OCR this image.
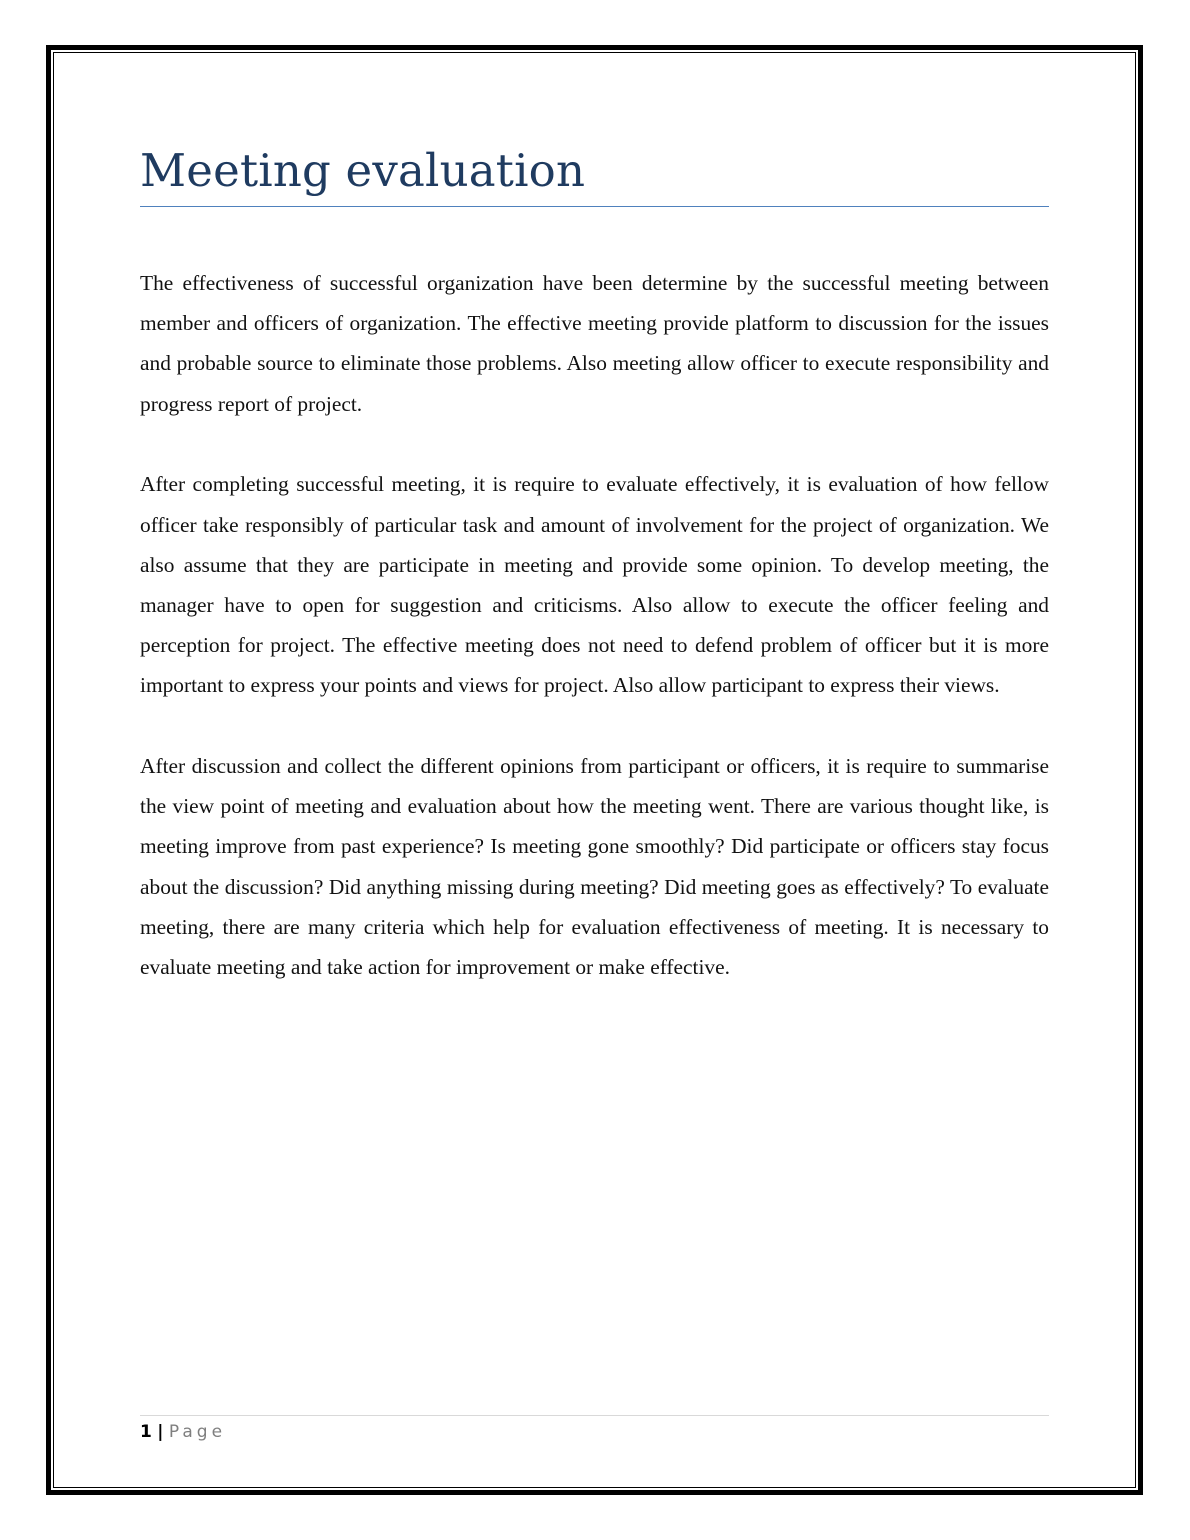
Meeting evaluation

The effectiveness of successful organization have been determine by the successful meeting between member and officers of organization. The effective meeting provide platform to discussion for the issues and probable source to eliminate those problems. Also meeting allow officer to execute responsibility and progress report of project.

After completing successful meeting, it is require to evaluate effectively, it is evaluation of how fellow officer take responsibly of particular task and amount of involvement for the project of organization. We also assume that they are participate in meeting and provide some opinion. To develop meeting, the manager have to open for suggestion and criticisms. Also allow to execute the officer feeling and perception for project. The effective meeting does not need to defend problem of officer but it is more important to express your points and views for project. Also allow participant to express their views.

After discussion and collect the different opinions from participant or officers, it is require to summarise the view point of meeting and evaluation about how the meeting went. There are various thought like, is meeting improve from past experience? Is meeting gone smoothly? Did participate or officers stay focus about the discussion? Did anything missing during meeting? Did meeting goes as effectively? To evaluate meeting, there are many criteria which help for evaluation effectiveness of meeting. It is necessary to evaluate meeting and take action for improvement or make effective.

1 | Page
